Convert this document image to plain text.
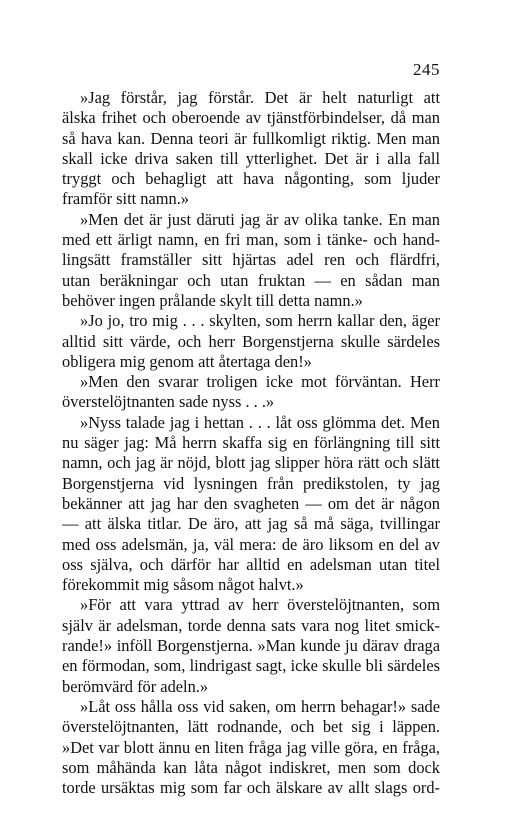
245
»Jag förstår, jag förstår. Det är helt naturligt att
älska frihet och oberoende av tjänstförbindelser, då man
så hava kan. Denna teori är fullkomligt riktig. Men man
skall icke driva saken till ytterlighet. Det är i alla fall
tryggt och behagligt att hava någonting, som ljuder
framför sitt namn.»
»Men det är just däruti jag är av olika tanke. En man
med ett ärligt namn, en fri man, som i tänke- och hand-
lingsätt framställer sitt hjärtas adel ren och flärdfri,
utan beräkningar och utan fruktan — en sådan man
behöver ingen prålande skylt till detta namn.»
»Jo jo, tro mig . . . skylten, som herrn kallar den, äger
alltid sitt värde, och herr Borgenstjerna skulle särdeles
obligera mig genom att återtaga den!»
»Men den svarar troligen icke mot förväntan. Herr
överstelöjtnanten sade nyss . . .»
»Nyss talade jag i hettan . . . låt oss glömma det. Men
nu säger jag: Må herrn skaffa sig en förlängning till sitt
namn, och jag är nöjd, blott jag slipper höra rätt och slätt
Borgenstjerna vid lysningen från predikstolen, ty jag
bekänner att jag har den svagheten — om det är någon
— att älska titlar. De äro, att jag så må säga, tvillingar
med oss adelsmän, ja, väl mera: de äro liksom en del av
oss själva, och därför har alltid en adelsman utan titel
förekommit mig såsom något halvt.»
»För att vara yttrad av herr överstelöjtnanten, som
själv är adelsman, torde denna sats vara nog litet smick-
rande!» inföll Borgenstjerna. »Man kunde ju därav draga
en förmodan, som, lindrigast sagt, icke skulle bli särdeles
berömvärd för adeln.»
»Låt oss hålla oss vid saken, om herrn behagar!» sade
överstelöjtnanten, lätt rodnande, och bet sig i läppen.
»Det var blott ännu en liten fråga jag ville göra, en fråga,
som måhända kan låta något indiskret, men som dock
torde ursäktas mig som far och älskare av allt slags ord-
